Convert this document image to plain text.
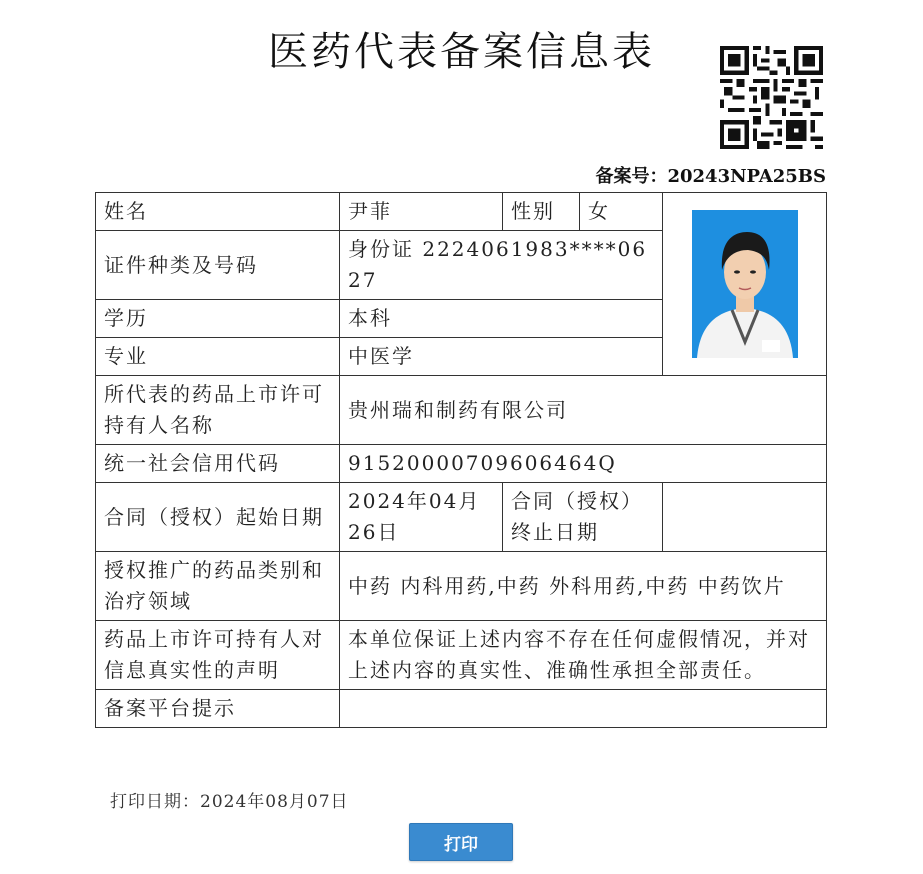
医药代表备案信息表
备案号：20243NPA25BS
姓名	尹菲	性别	女	

证件种类及号码	身份证 2224061983****0627			
学历	本科			
专业	中医学			
所代表的药品上市许可持有人名称	贵州瑞和制药有限公司			
统一社会信用代码	91520000709606464Q			
合同（授权）起始日期	2024年04月26日	合同（授权）终止日期		
授权推广的药品类别和治疗领域	中药 内科用药,中药 外科用药,中药 中药饮片			
药品上市许可持有人对信息真实性的声明	本单位保证上述内容不存在任何虚假情况，并对上述内容的真实性、准确性承担全部责任。			
备案平台提示				
打印日期：2024年08月07日
打印
